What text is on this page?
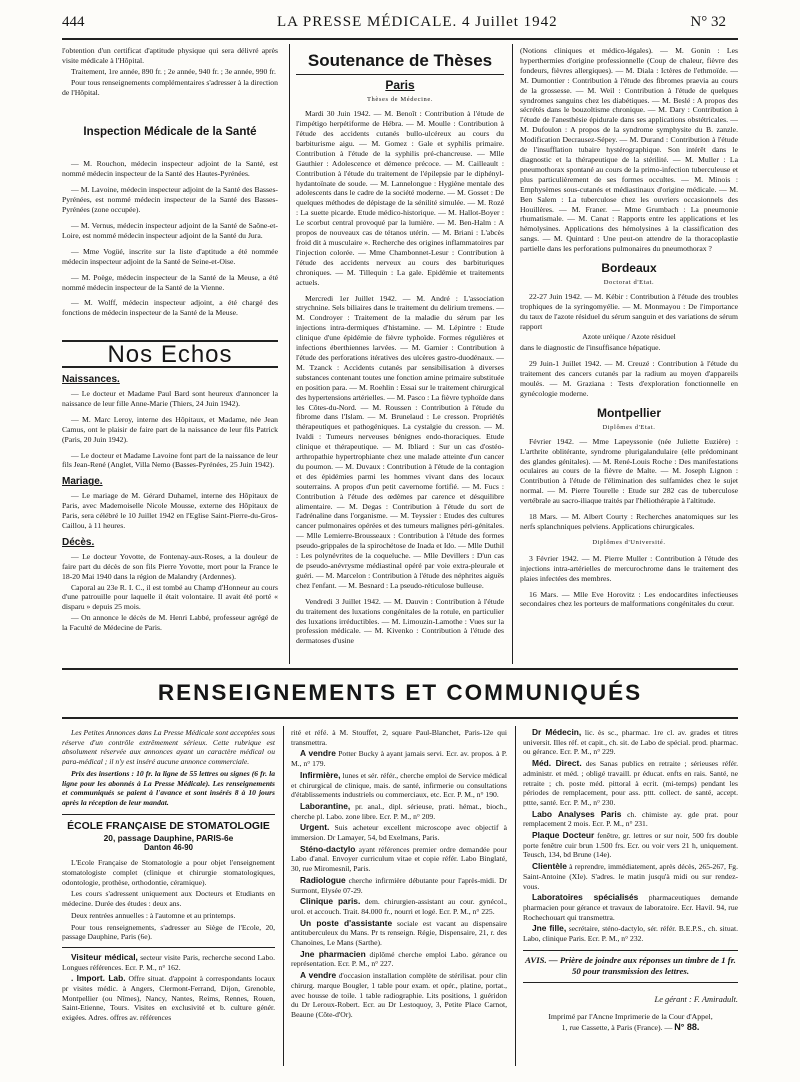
444	LA PRESSE MÉDICALE. 4 Juillet 1942	N° 32

l'obtention d'un certificat d'aptitude physique qui sera délivré après visite médicale à l'Hôpital.

Traitement, 1re année, 890 fr. ; 2e année, 940 fr. ; 3e année, 990 fr.

Pour tous renseignements complémentaires s'adresser à la direction de l'Hôpital.

Inspection Médicale de la Santé

— M. Rouchon, médecin inspecteur adjoint de la Santé, est nommé médecin inspecteur de la Santé des Hautes-Pyrénées.

— M. Lavoine, médecin inspecteur adjoint de la Santé des Basses-Pyrénées, est nommé médecin inspecteur de la Santé des Basses-Pyrénées (zone occupée).

— M. Vernus, médecin inspecteur adjoint de la Santé de Saône-et-Loire, est nommé médecin inspecteur adjoint de la Santé du Jura.

— Mme Vogüé, inscrite sur la liste d'aptitude a été nommée médecin inspecteur adjoint de la Santé de Seine-et-Oise.

— M. Poège, médecin inspecteur de la Santé de la Meuse, a été nommé médecin inspecteur de la Santé de la Vienne.

— M. Wolff, médecin inspecteur adjoint, a été chargé des fonctions de médecin inspecteur de la Santé de la Meuse.

Nos Echos
Naissances.

— Le docteur et Madame Paul Bard sont heureux d'annoncer la naissance de leur fille Anne-Marie (Thiers, 24 Juin 1942).

— M. Marc Leroy, interne des Hôpitaux, et Madame, née Jean Camus, ont le plaisir de faire part de la naissance de leur fils Patrick (Paris, 20 Juin 1942).

— Le docteur et Madame Lavoine font part de la naissance de leur fils Jean-René (Anglet, Villa Nemo (Basses-Pyrénées, 25 Juin 1942).

Mariage.

— Le mariage de M. Gérard Duhamel, interne des Hôpitaux de Paris, avec Mademoiselle Nicole Mousse, externe des Hôpitaux de Paris, sera célébré le 10 Juillet 1942 en l'Eglise Saint-Pierre-du-Gros-Caillou, à 11 heures.

Décès.

— Le docteur Yovotte, de Fontenay-aux-Roses, a la douleur de faire part du décès de son fils Pierre Yovotte, mort pour la France le 18-20 Mai 1940 dans la région de Malandry (Ardennes).

Caporal au 23e R. I. C., il est tombé au Champ d'Honneur au cours d'une patrouille pour laquelle il était volontaire. Il avait été porté « disparu » depuis 25 mois.

— On annonce le décès de M. Henri Labbé, professeur agrégé de la Faculté de Médecine de Paris.

Soutenance de Thèses
Paris
Thèses de Médecine.

Mardi 30 Juin 1942. — M. Benoît : Contribution à l'étude de l'impétigo herpétiforme de Hébra. — M. Moulle : Contribution à l'étude des accidents cutanés bullo-ulcéreux au cours du barbiturisme aigu. — M. Gomez : Gale et syphilis primaire. Contribution à l'étude de la syphilis pré-chancreuse. — Mlle Gauthier : Adolescence et démence précoce. — M. Cailleault : Contribution à l'étude du traitement de l'épilepsie par le diphényl-hydantoïnate de soude. — M. Lannelongue : Hygiène mentale des adolescents dans le cadre de la société moderne. — M. Gosset : De quelques méthodes de dépistage de la sénilité simulée. — M. Rozé : La suette picarde. Etude médico-historique. — M. Hallot-Boyer : Le scorbut central provoqué par la lumière. — M. Ben-Halm : A propos de nouveaux cas de tétanos utérin. — M. Briani : L'abcès froid dit à musculaire ». Recherche des origines inflammatoires par l'injection colorée. — Mme Chambonnet-Lesur : Contribution à l'étude des accidents nerveux au cours des barbituriques chroniques. — M. Tillequin : La gale. Epidémie et traitements actuels.

Mercredi 1er Juillet 1942. — M. André : L'association strychnine. Sels biliaires dans le traitement du delirium tremens. — M. Condroyer : Traitement de la maladie du sérum par les injections intra-dermiques d'histamine. — M. Lépintre : Etude clinique d'une épidémie de fièvre typhoïde. Formes régulières et infections éberthiennes larvées. — M. Garnier : Contribution à l'étude des perforations itératives des ulcères gastro-duodénaux. — M. Tzanck : Accidents cutanés par sensibilisation à diverses substances contenant toutes une fonction amine primaire substituée en position para. — M. Roehlin : Essai sur le traitement chirurgical des hypertensions artérielles. — M. Pasco : La fièvre typhoïde dans les Côtes-du-Nord. — M. Roussen : Contribution à l'étude du fibrome dans l'Islam. — M. Brunelaud : Le cresson. Propriétés thérapeutiques et pathogéniques. La cystalgie du cresson. — M. Ivaldi : Tumeurs nerveuses bénignes endo-thoraciques. Etude clinique et thérapeutique. — M. Ibliard : Sur un cas d'ostéo-arthropathie hypertrophiante chez une malade atteinte d'un cancer du poumon. — M. Duvaux : Contribution à l'étude de la contagion et des épidémies parmi les hommes vivant dans des locaux souterrains. A propos d'un petit cavernome fortifié. — M. Fucs : Contribution à l'étude des œdèmes par carence et désquilibre alimentaire. — M. Degas : Contribution à l'étude du sort de l'adrénaline dans l'organisme. — M. Teyssier : Etudes des cultures cancer pulmonaires opérées et des tumeurs malignes péri-génitales. — Mlle Lemierre-Brousseaux : Contribution à l'étude des formes pseudo-grippales de la spirochétose de Inada et Ido. — Mlle Duthil : Les polynévrites de la coqueluche. — Mlle Devillers : D'un cas de pseudo-anévrysme médiastinal opéré par voie extra-pleurale et guéri. — M. Marcelon : Contribution à l'étude des néphrites aiguës chez l'enfant. — M. Besnard : La pseudo-réticulose bulleuse.

Vendredi 3 Juillet 1942. — M. Dauvin : Contribution à l'étude du traitement des luxations congénitales de la rotule, en particulier des luxations irréductibles. — M. Limouzin-Lamothe : Vues sur la profession médicale. — M. Kivenko : Contribution à l'étude des dermatoses d'usine

(Notions cliniques et médico-légales). — M. Gonin : Les hyperthermies d'origine professionnelle (Coup de chaleur, fièvre des fondeurs, fièvres allergiques). — M. Diala : Ictères de l'ethmoïde. — M. Dumontier : Contribution à l'étude des fibromes praevia au cours de la grossesse. — M. Weil : Contribution à l'étude de quelques syndromes sanguins chez les diabétiques. — M. Beslé : A propos des sécrétés dans le bouzoltisme chronique. — M. Dary : Contribution à l'étude de l'anesthésie épidurale dans ses applications obstétricales. — M. Dufoulon : A propos de la syndrome symphysite du B. zanzle. Modification Decrausez-Sépey. — M. Durand : Contribution à l'étude de l'insufflation tubaire hystérographique. Son intérêt dans le diagnostic et la thérapeutique de la stérilité. — M. Muller : La pneumothorax spontané au cours de la primo-infection tuberculeuse et plus particulièrement de ses formes occultes. — M. Minois : Emphysèmes sous-cutanés et médiastinaux d'origine médicale. — M. Ben Salem : La tuberculose chez les ouvriers occasionnels des Houillères. — M. Franer. — Mme Grumbach : La pneumonie rhumatismale. — M. Canat : Rapports entre les applications et les hémolysines. Applications des hémolysines à la classification des sangs. — M. Quintard : Une peut-on attendre de la thoracoplastie partielle dans les perforations pulmonaires du pneumothorax ?

Bordeaux
Doctorat d'Etat.

22-27 Juin 1942. — M. Kébir : Contribution à l'étude des troubles trophiques de la syringomyélie. — M. Monmayou : De l'importance du taux de l'azote résiduel du sérum sanguin et des variations de sérum rapport

Azote uréique / Azote résiduel

dans le diagnostic de l'insuffisance hépatique.

29 Juin-1 Juillet 1942. — M. Creuzé : Contribution à l'étude du traitement des cancers cutanés par la radium au moyen d'appareils moulés. — M. Graziana : Tests d'exploration fonctionnelle en gynécologie moderne.

Montpellier
Diplômes d'Etat.

Février 1942. — Mme Lapeyssonie (née Juliette Euzière) : L'arthrite oblitérante, syndrome plurigalandulaire (elle prédominant des glandes génitales). — M. René-Louis Roche : Des manifestations oculaires au cours de la fièvre de Malte. — M. Joseph Lignon : Contribution à l'étude de l'élimination des sulfamides chez le sujet normal. — M. Pierre Tourelle : Etude sur 282 cas de tuberculose vertébrale au sacro-iliaque traités par l'héliothérapie à l'altitude.

18 Mars. — M. Albert Courty : Recherches anatomiques sur les nerfs splanchniques pelviens. Applications chirurgicales.

Diplômes d'Université.

3 Février 1942. — M. Pierre Muller : Contribution à l'étude des injections intra-artérielles de mercurochrome dans le traitement des plaies infectées des membres.

16 Mars. — Mlle Eve Horovitz : Les endocardites infectieuses secondaires chez les porteurs de malformations congénitales du cœur.

RENSEIGNEMENTS ET COMMUNIQUÉS

Les Petites Annonces dans La Presse Médicale sont acceptées sous réserve d'un contrôle extrêmement sérieux. Cette rubrique est absolument réservée aux annonces ayant un caractère médical ou para-médical ; il n'y est inséré aucune annonce commerciale.

Prix des insertions : 10 fr. la ligne de 55 lettres ou signes (6 fr. la ligne pour les abonnés à La Presse Médicale). Les renseignements et communiqués se paient à l'avance et sont insérés 8 à 10 jours après la réception de leur mandat.

ÉCOLE FRANÇAISE DE STOMATOLOGIE
20, passage Dauphine, PARIS-6e
Danton 46-90

L'Ecole Française de Stomatologie a pour objet l'enseignement stomatologiste complet (clinique et chirurgie stomatologiques, odontologie, prothèse, orthodontie, céramique).

Les cours s'adressent uniquement aux Docteurs et Etudiants en médecine. Durée des études : deux ans.

Deux rentrées annuelles : à l'automne et au printemps.

Pour tous renseignements, s'adresser au Siège de l'Ecole, 20, passage Dauphine, Paris (6e).

Visiteur médical, secteur visite Paris, recherche second Labo. Longues références. Ecr. P. M., n° 162.

. Import. Lab. Offre situat. d'appoint à correspondants locaux pr visites médic. à Angers, Clermont-Ferrand, Dijon, Grenoble, Montpellier (ou Nîmes), Nancy, Nantes, Reims, Rennes, Rouen, Saint-Etienne, Tours. Visites en exclusivité et b. culture génér. exigées. Adres. offres av. références

rité et réfé. à M. Stouffet, 2, square Paul-Blanchet, Paris-12e qui transmettra.

A vendre Potter Bucky à ayant jamais servi. Ecr. av. propos. à P. M., n° 179.

Infirmière, lunes et sér. référ., cherche emploi de Service médical et chirurgical de clinique, mais. de santé, infirmerie ou consultations d'établissements industriels ou commerciaux, etc. Ecr. P. M., n° 190.

Laborantine, pr. anal., dipl. sérieuse, prati. hémat., bioch., cherche pl. Labo. zone libre. Ecr. P. M., n° 209.

Urgent. Suis acheteur excellent microscope avec objectif à immersion. Dr Lamayer, 54, bd Exelmans, Paris.

Sténo-dactylo ayant références premier ordre demandée pour Labo d'anal. Envoyer curriculum vitae et copie référ. Labo Binglaté, 30, rue Miromesnil, Paris.

Radiologue cherche infirmière débutante pour l'après-midi. Dr Surmont, Elysée 07-29.

Clinique paris. dem. chirurgien-assistant au cour. gynécol., urol. et accouch. Trait. 84.000 fr., nourri et logé. Ecr. P. M., n° 225.

Un poste d'assistante sociale est vacant au dispensaire antituberculeux du Mans. Pr ts renseign. Régie, Dispensaire, 21, r. des Chanoines, Le Mans (Sarthe).

Jne pharmacien diplômé cherche emploi Labo. gérance ou représentation. Ecr. P. M., n° 227.

A vendre d'occasion installation complète de stérilisat. pour clin chirurg. marque Bougler, 1 table pour exam. et opér., platine, portat., avec housse de toile. 1 table radiographie. Lits positions, 1 guéridon du Dr Leroux-Robert. Ecr. au Dr Lestoquoy, 3, Petite Place Carnot, Beaune (Côte-d'Or).

Dr Médecin, lic. ès sc., pharmac. 1re cl. av. grades et titres universit. Illes réf. et capit., ch. sit. de Labo de spécial. prod. pharmac. ou gérance. Ecr. P. M., n° 229.

Méd. Direct. des Sanas publics en retraite ; sérieuses référ. administr. et méd. ; obligé travaill. pr éducat. enfts en rais. Santé, ne retraite ; ch. poste méd. pittoral à ecrit. (mi-temps) pendant les périodes de remplacement, pour ass. pttt. collect. de santé, accept. pttte, santé. Ecr. P. M., n° 230.

Labo Analyses Paris ch. chimiste ay. gde prat. pour remplacement 2 mois. Ecr. P. M., n° 231.

Plaque Docteur fenêtre, gr. lettres or sur noir, 500 frs double porte fenêtre cuir brun 1.500 frs. Ecr. ou voir vers 21 h, uniquement. Teusch, 134, bd Brune (14e).

Clientèle à reprendre, immédiatement, après décès, 265-267, Fg. Saint-Antoine (XIe). S'adres. le matin jusqu'à midi ou sur rendez-vous.

Laboratoires spécialisés pharmaceutiques demande pharmacien pour gérance et travaux de laboratoire. Ecr. Havil. 94, rue Rochechouart qui transmettra.

Jne fille, secrétaire, sténo-dactylo, sér. référ. B.E.P.S., ch. situat. Labo, clinique Paris. Ecr. P. M., n° 232.

AVIS. — Prière de joindre aux réponses un timbre de 1 fr. 50 pour transmission des lettres.
Le gérant : F. Amiradult.
Imprimé par l'Ancne Imprimerie de la Cour d'Appel,
1, rue Cassette, à Paris (France). — N° 88.
